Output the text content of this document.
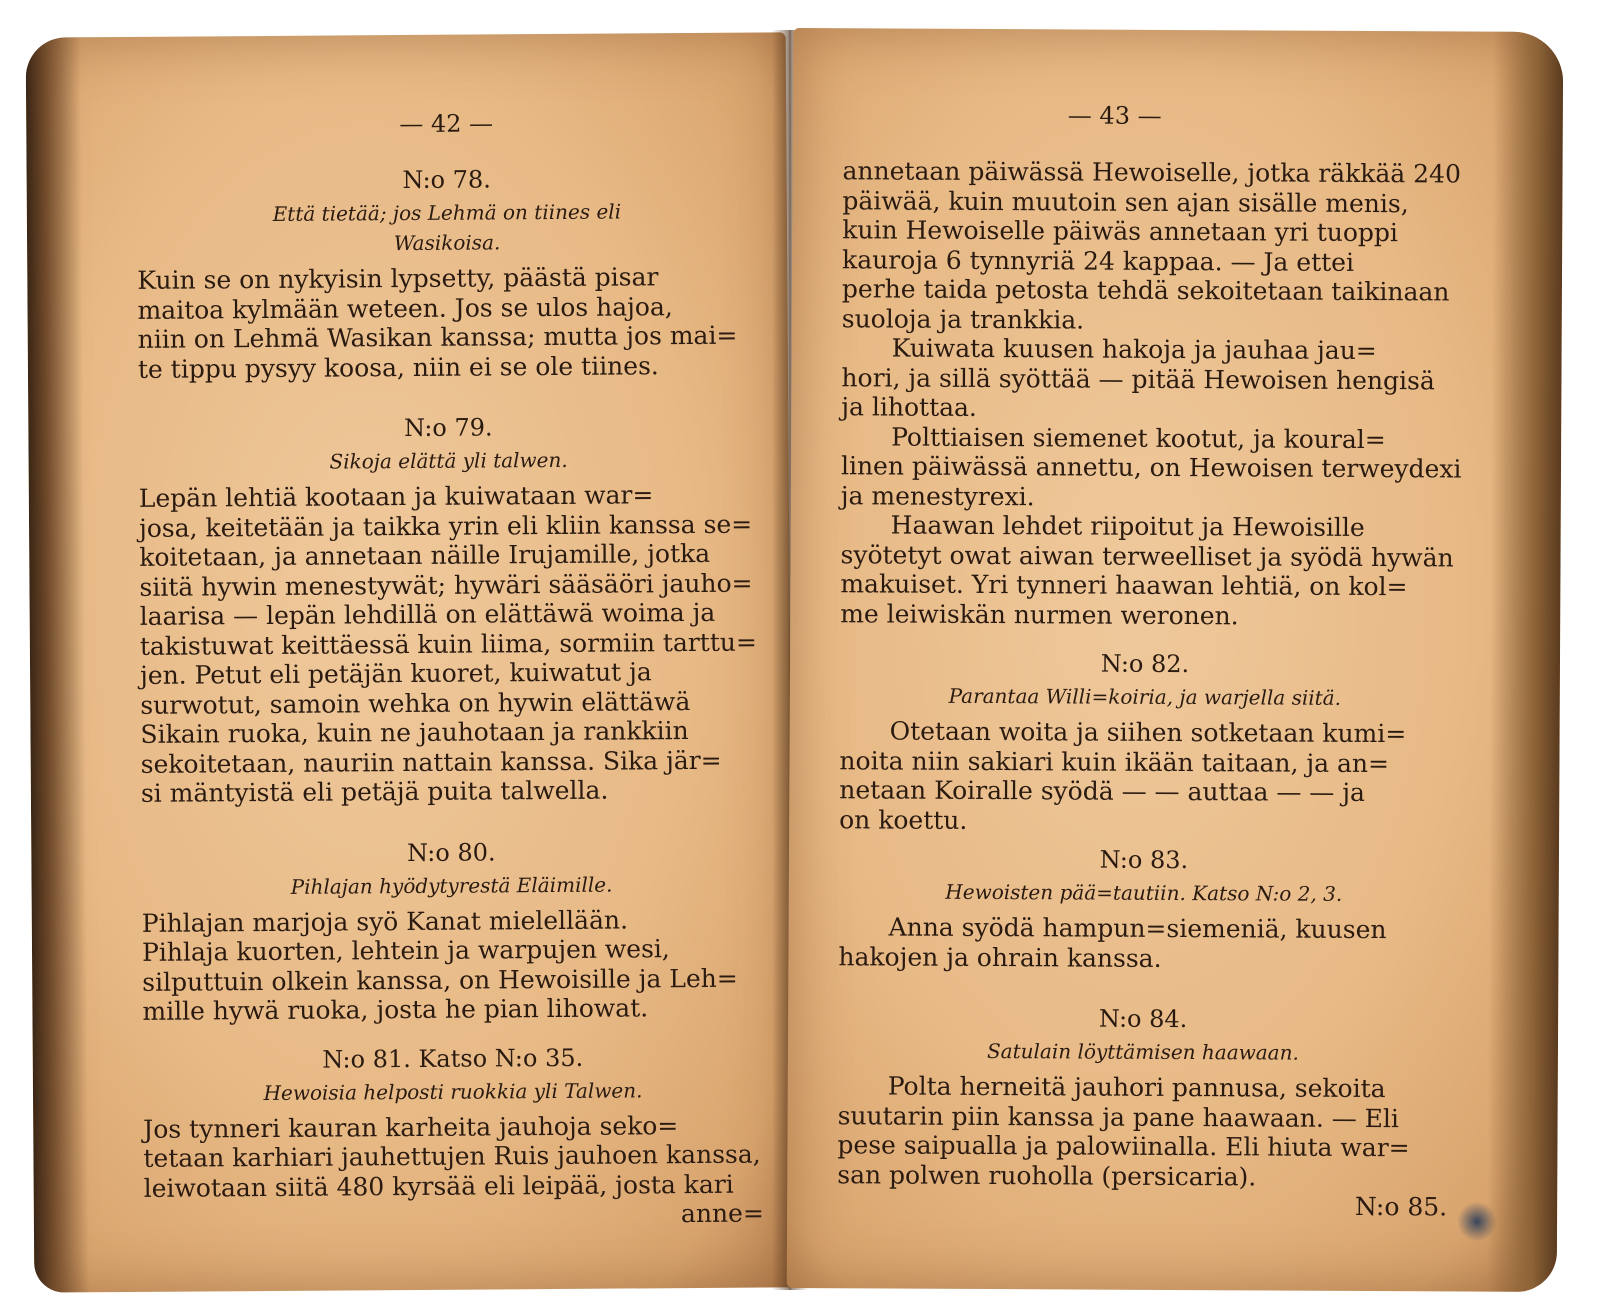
— 42 —
N:o 78.
Että tietää; jos Lehmä on tiines eli
Wasikoisa.

Kuin se on nykyisin lypsetty, päästä pisar
maitoa kylmään weteen. Jos se ulos hajoa,
niin on Lehmä Wasikan kanssa; mutta jos mai=
te tippu pysyy koosa, niin ei se ole tiines.

N:o 79.
Sikoja elättä yli talwen.

Lepän lehtiä kootaan ja kuiwataan war=
josa, keitetään ja taikka yrin eli kliin kanssa se=
koitetaan, ja annetaan näille Irujamille, jotka
siitä hywin menestywät; hywäri sääsäöri jauho=
laarisa — lepän lehdillä on elättäwä woima ja
takistuwat keittäessä kuin liima, sormiin tarttu=
jen. Petut eli petäjän kuoret, kuiwatut ja
surwotut, samoin wehka on hywin elättäwä
Sikain ruoka, kuin ne jauhotaan ja rankkiin
sekoitetaan, nauriin nattain kanssa. Sika jär=
si mäntyistä eli petäjä puita talwella.

N:o 80.
Pihlajan hyödytyrestä Eläimille.

Pihlajan marjoja syö Kanat mielellään.
Pihlaja kuorten, lehtein ja warpujen wesi,
silputtuin olkein kanssa, on Hewoisille ja Leh=
mille hywä ruoka, josta he pian lihowat.

N:o 81. Katso N:o 35.
Hewoisia helposti ruokkia yli Talwen.

Jos tynneri kauran karheita jauhoja seko=
tetaan karhiari jauhettujen Ruis jauhoen kanssa,
leiwotaan siitä 480 kyrsää eli leipää, josta kari
anne=

— 43 —

annetaan päiwässä Hewoiselle, jotka räkkää 240
päiwää, kuin muutoin sen ajan sisälle menis,
kuin Hewoiselle päiwäs annetaan yri tuoppi
kauroja 6 tynnyriä 24 kappaa. — Ja ettei
perhe taida petosta tehdä sekoitetaan taikinaan
suoloja ja trankkia.

Kuiwata kuusen hakoja ja jauhaa jau=
hori, ja sillä syöttää — pitää Hewoisen hengisä
ja lihottaa.

Polttiaisen siemenet kootut, ja koural=
linen päiwässä annettu, on Hewoisen terweydexi
ja menestyrexi.

Haawan lehdet riipoitut ja Hewoisille
syötetyt owat aiwan terweelliset ja syödä hywän
makuiset. Yri tynneri haawan lehtiä, on kol=
me leiwiskän nurmen weronen.

N:o 82.
Parantaa Willi=koiria, ja warjella siitä.

Otetaan woita ja siihen sotketaan kumi=
noita niin sakiari kuin ikään taitaan, ja an=
netaan Koiralle syödä — — auttaa — — ja
on koettu.

N:o 83.
Hewoisten pää=tautiin. Katso N:o 2, 3.

Anna syödä hampun=siemeniä, kuusen
hakojen ja ohrain kanssa.

N:o 84.
Satulain löyttämisen haawaan.

Polta herneitä jauhori pannusa, sekoita
suutarin piin kanssa ja pane haawaan. — Eli
pese saipualla ja palowiinalla. Eli hiuta war=
san polwen ruoholla (persicaria).
N:o 85.
